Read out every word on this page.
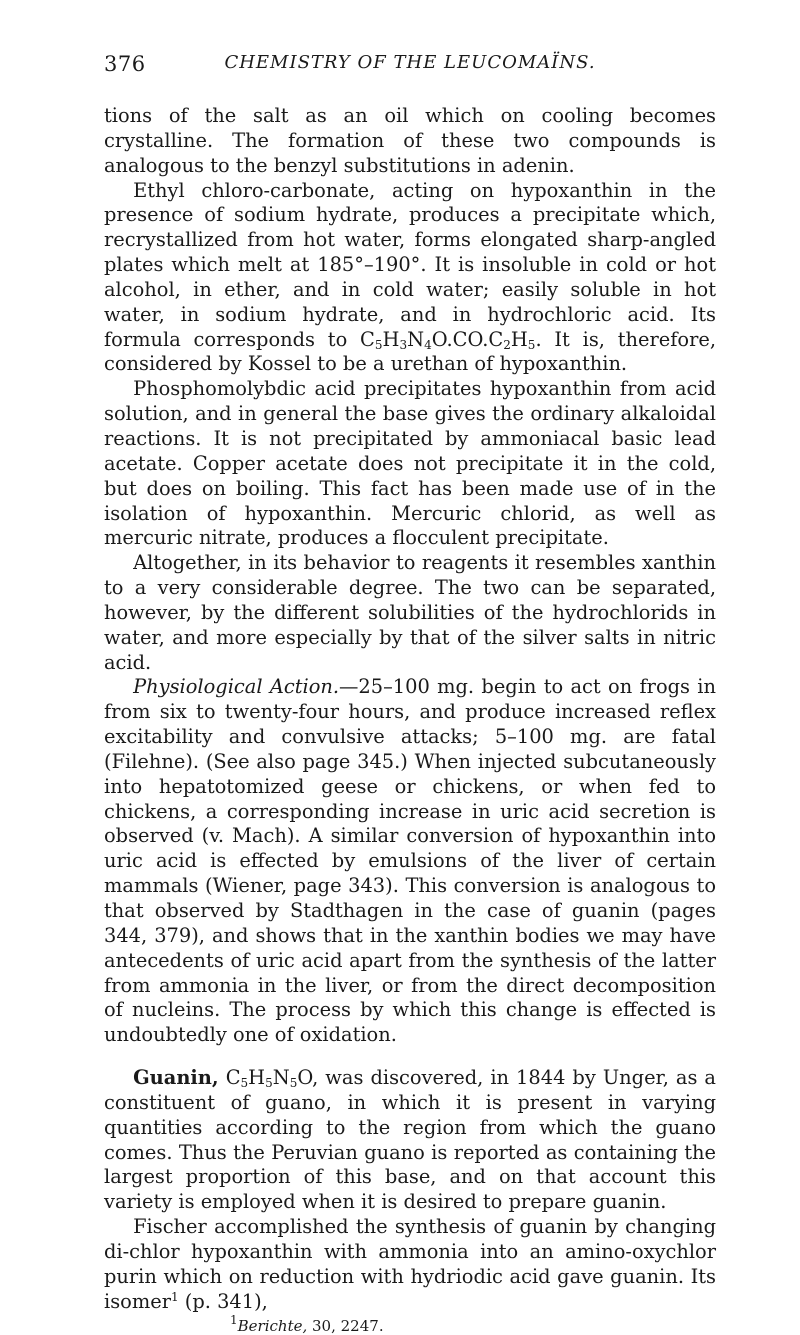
376	CHEMISTRY OF THE LEUCOMAÏNS.

tions of the salt as an oil which on cooling becomes crystalline. The formation of these two compounds is analogous to the benzyl substitutions in adenin.

Ethyl chloro-carbonate, acting on hypoxanthin in the presence of sodium hydrate, produces a precipitate which, recrystallized from hot water, forms elongated sharp-angled plates which melt at 185°–190°. It is insoluble in cold or hot alcohol, in ether, and in cold water; easily soluble in hot water, in sodium hydrate, and in hydrochloric acid. Its formula corresponds to $C_5H_3N_4O.CO.C_2H_5$. It is, therefore, considered by Kossel to be a urethan of hypoxanthin.

Phosphomolybdic acid precipitates hypoxanthin from acid solution, and in general the base gives the ordinary alkaloidal reactions. It is not precipitated by ammoniacal basic lead acetate. Copper acetate does not precipitate it in the cold, but does on boiling. This fact has been made use of in the isolation of hypoxanthin. Mercuric chlorid, as well as mercuric nitrate, produces a flocculent precipitate.

Altogether, in its behavior to reagents it resembles xanthin to a very considerable degree. The two can be separated, however, by the different solubilities of the hydrochlorids in water, and more especially by that of the silver salts in nitric acid.

Physiological Action.—25–100 mg. begin to act on frogs in from six to twenty-four hours, and produce increased reflex excitability and convulsive attacks; 5–100 mg. are fatal (Filehne). (See also page 345.) When injected subcutaneously into hepatotomized geese or chickens, or when fed to chickens, a corresponding increase in uric acid secretion is observed (v. Mach). A similar conversion of hypoxanthin into uric acid is effected by emulsions of the liver of certain mammals (Wiener, page 343). This conversion is analogous to that observed by Stadthagen in the case of guanin (pages 344, 379), and shows that in the xanthin bodies we may have antecedents of uric acid apart from the synthesis of the latter from ammonia in the liver, or from the direct decomposition of nucleins. The process by which this change is effected is undoubtedly one of oxidation.

Guanin, $C_5H_5N_5O$, was discovered, in 1844 by Unger, as a constituent of guano, in which it is present in varying quantities according to the region from which the guano comes. Thus the Peruvian guano is reported as containing the largest proportion of this base, and on that account this variety is employed when it is desired to prepare guanin.

Fischer accomplished the synthesis of guanin by changing di-chlor hypoxanthin with ammonia into an amino-oxychlor purin which on reduction with hydriodic acid gave guanin. Its isomer$^1$ (p. 341),

$^1$Berichte, 30, 2247.
